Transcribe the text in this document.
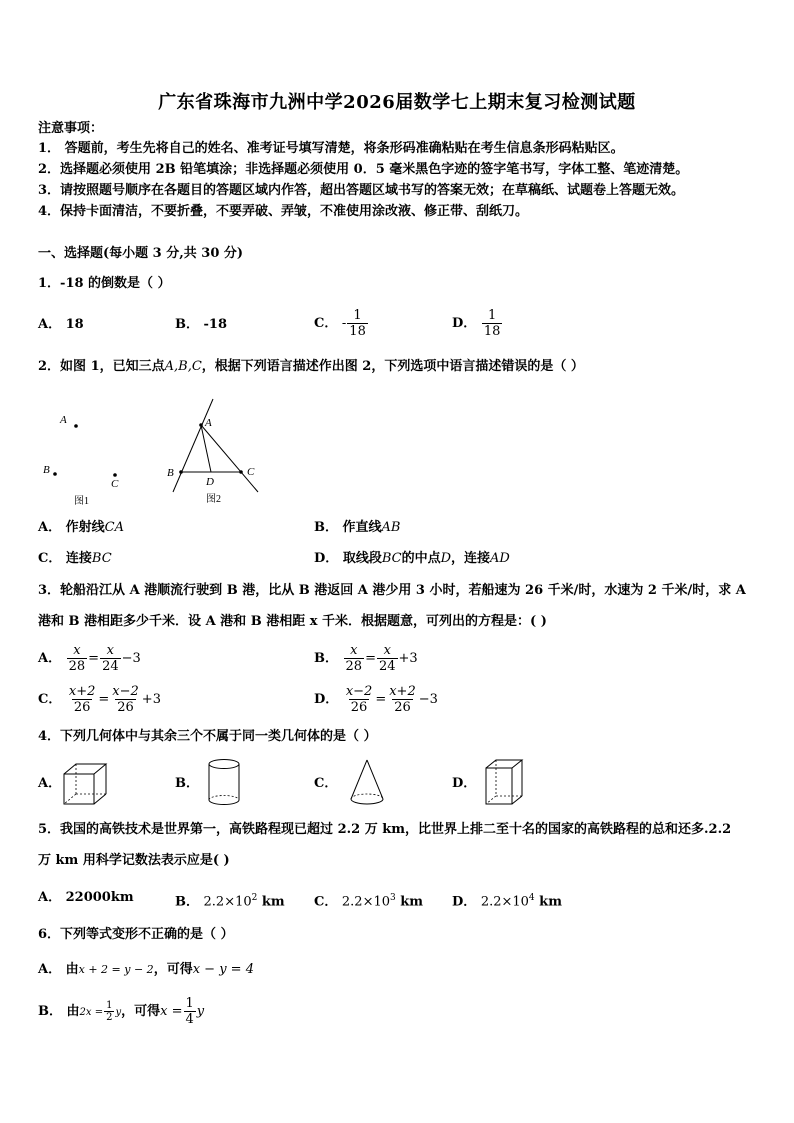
广东省珠海市九洲中学2026届数学七上期末复习检测试题
注意事项：
1． 答题前，考生先将自己的姓名、准考证号填写清楚，将条形码准确粘贴在考生信息条形码粘贴区。
2．选择题必须使用 2B 铅笔填涂；非选择题必须使用 0．5 毫米黑色字迹的签字笔书写，字体工整、笔迹清楚。
3．请按照题号顺序在各题目的答题区域内作答，超出答题区域书写的答案无效；在草稿纸、试题卷上答题无效。
4．保持卡面清洁，不要折叠，不要弄破、弄皱，不准使用涂改液、修正带、刮纸刀。
一、选择题(每小题 3 分,共 30 分)
1．-18 的倒数是（ ）
A． 18	B． -18	C． - $\frac{1}{18}$	D． $\frac{1}{18}$
2．如图 1，已知三点A,B,C，根据下列语言描述作出图 2，下列选项中语言描述错误的是（ ）
A
B
C
图1
A
B	C
D
图2
A． 作射线CA	B． 作直线AB
C． 连接BC	D． 取线段BC的中点D，连接AD
3．轮船沿江从 A 港顺流行驶到 B 港，比从 B 港返回 A 港少用 3 小时，若船速为 26 千米/时，水速为 2 千米/时，求 A
港和 B 港相距多少千米．设 A 港和 B 港相距 x 千米．根据题意，可列出的方程是：( )
A． $\frac{x}{28} = \frac{x}{24} -3$	B． $\frac{x}{28} = \frac{x}{24} +3$
C． $\frac{x+2}{26} = \frac{x-2}{26} +3$	D． $\frac{x-2}{26} = \frac{x+2}{26} -3$
4．下列几何体中与其余三个不属于同一类几何体的是（ ）
A．	B．	C．	D．
5．我国的高铁技术是世界第一，高铁路程现已超过 2.2 万 km，比世界上排二至十名的国家的高铁路程的总和还多.2.2
万 km 用科学记数法表示应是( )
A． 22000km	B． $2.2\times 10^2$ km C． $2.2\times 10^3$ km D． $2.2\times 10^4$ km
6．下列等式变形不正确的是（ ）
A． 由x + 2 = y − 2，可得x − y = 4
B． 由$2x = \frac{1}{2}$ y，可得$x = \frac{1}{4}$ y
